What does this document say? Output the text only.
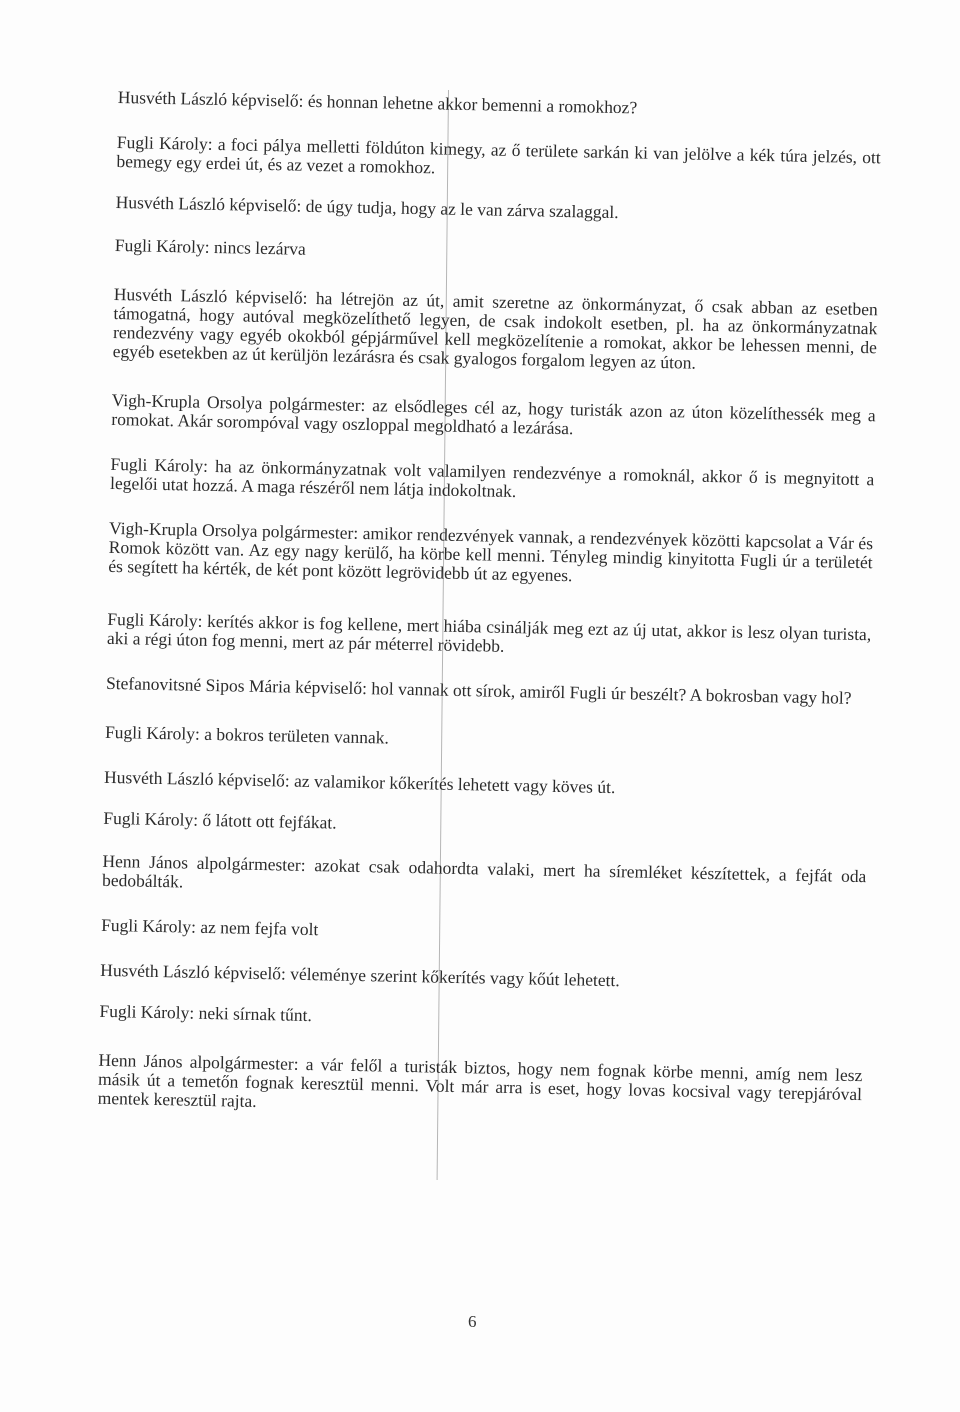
Husvéth László képviselő: és honnan lehetne akkor bemenni a romokhoz?

Fugli Károly: a foci pálya melletti földúton kimegy, az ő területe sarkán ki van jelölve a kék túra jelzés, ott bemegy egy erdei út, és az vezet a romokhoz.

Husvéth László képviselő: de úgy tudja, hogy az le van zárva szalaggal.

Fugli Károly: nincs lezárva

Husvéth László képviselő: ha létrejön az út, amit szeretne az önkormányzat, ő csak abban az esetben támogatná, hogy autóval megközelíthető legyen, de csak indokolt esetben, pl. ha az önkormányzatnak rendezvény vagy egyéb okokból gépjárművel kell megközelítenie a romokat, akkor be lehessen menni, de egyéb esetekben az út kerüljön lezárásra és csak gyalogos forgalom legyen az úton.

Vigh-Krupla Orsolya polgármester: az elsődleges cél az, hogy turisták azon az úton közelíthessék meg a romokat. Akár sorompóval vagy oszloppal megoldható a lezárása.

Fugli Károly: ha az önkormányzatnak volt valamilyen rendezvénye a romoknál, akkor ő is megnyitott a legelői utat hozzá. A maga részéről nem látja indokoltnak.

Vigh-Krupla Orsolya polgármester: amikor rendezvények vannak, a rendezvények közötti kapcsolat a Vár és Romok között van. Az egy nagy kerülő, ha körbe kell menni. Tényleg mindig kinyitotta Fugli úr a területét és segített ha kérték, de két pont között legrövidebb út az egyenes.

Fugli Károly: kerítés akkor is fog kellene, mert hiába csinálják meg ezt az új utat, akkor is lesz olyan turista, aki a régi úton fog menni, mert az pár méterrel rövidebb.

Stefanovitsné Sipos Mária képviselő: hol vannak ott sírok, amiről Fugli úr beszélt? A bokrosban vagy hol?

Fugli Károly: a bokros területen vannak.

Husvéth László képviselő: az valamikor kőkerítés lehetett vagy köves út.

Fugli Károly: ő látott ott fejfákat.

Henn János alpolgármester: azokat csak odahordta valaki, mert ha síremléket készítettek, a fejfát oda bedobálták.

Fugli Károly: az nem fejfa volt

Husvéth László képviselő: véleménye szerint kőkerítés vagy kőút lehetett.

Fugli Károly: neki sírnak tűnt.

Henn János alpolgármester: a vár felől a turisták biztos, hogy nem fognak körbe menni, amíg nem lesz másik út a temetőn fognak keresztül menni. Volt már arra is eset, hogy lovas kocsival vagy terepjáróval mentek keresztül rajta.

6
